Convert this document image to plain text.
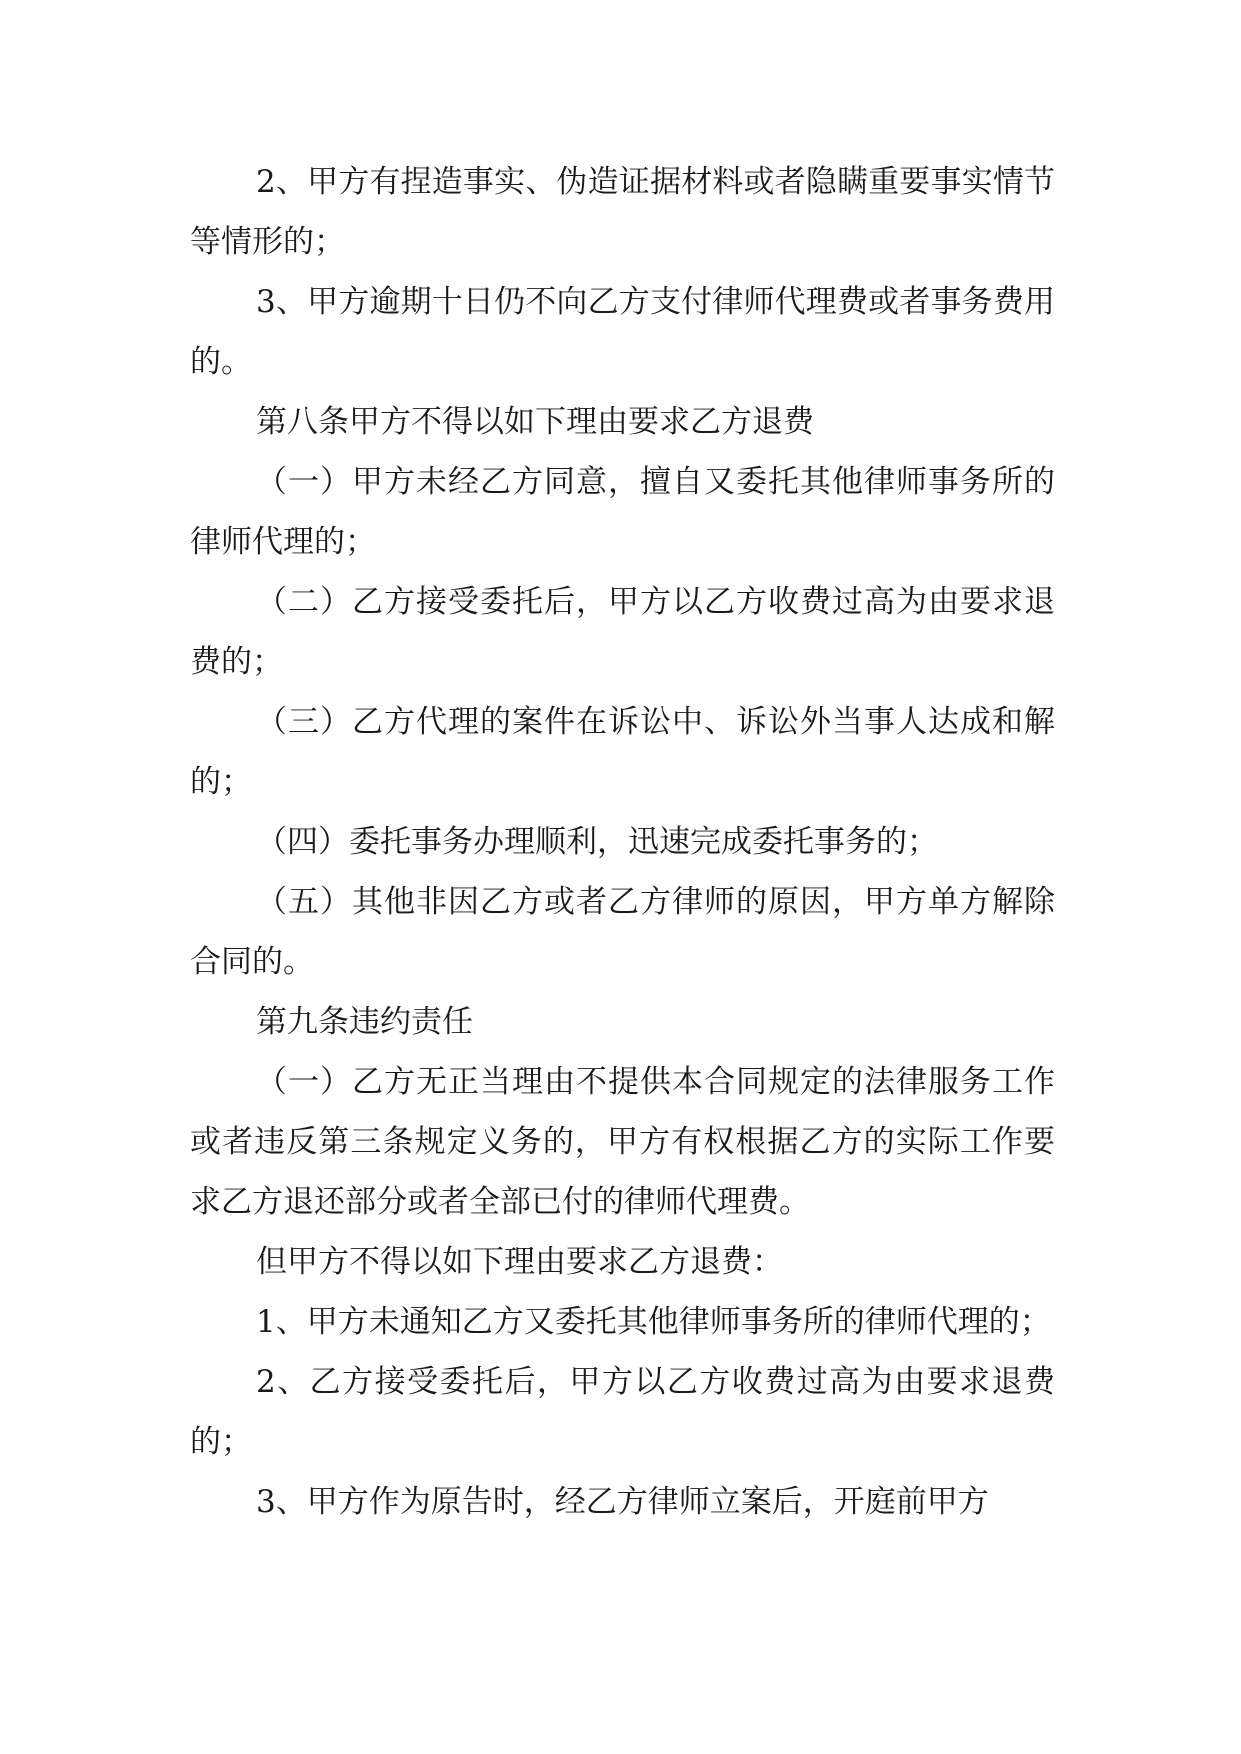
2、甲方有捏造事实、伪造证据材料或者隐瞒重要事实情节等情形的；

3、甲方逾期十日仍不向乙方支付律师代理费或者事务费用的。

第八条甲方不得以如下理由要求乙方退费

（一）甲方未经乙方同意，擅自又委托其他律师事务所的律师代理的；

（二）乙方接受委托后，甲方以乙方收费过高为由要求退费的；

（三）乙方代理的案件在诉讼中、诉讼外当事人达成和解的；

（四）委托事务办理顺利，迅速完成委托事务的；

（五）其他非因乙方或者乙方律师的原因，甲方单方解除合同的。

第九条违约责任

（一）乙方无正当理由不提供本合同规定的法律服务工作或者违反第三条规定义务的，甲方有权根据乙方的实际工作要求乙方退还部分或者全部已付的律师代理费。

但甲方不得以如下理由要求乙方退费：

1、甲方未通知乙方又委托其他律师事务所的律师代理的；

2、乙方接受委托后，甲方以乙方收费过高为由要求退费的；

3、甲方作为原告时，经乙方律师立案后，开庭前甲方
